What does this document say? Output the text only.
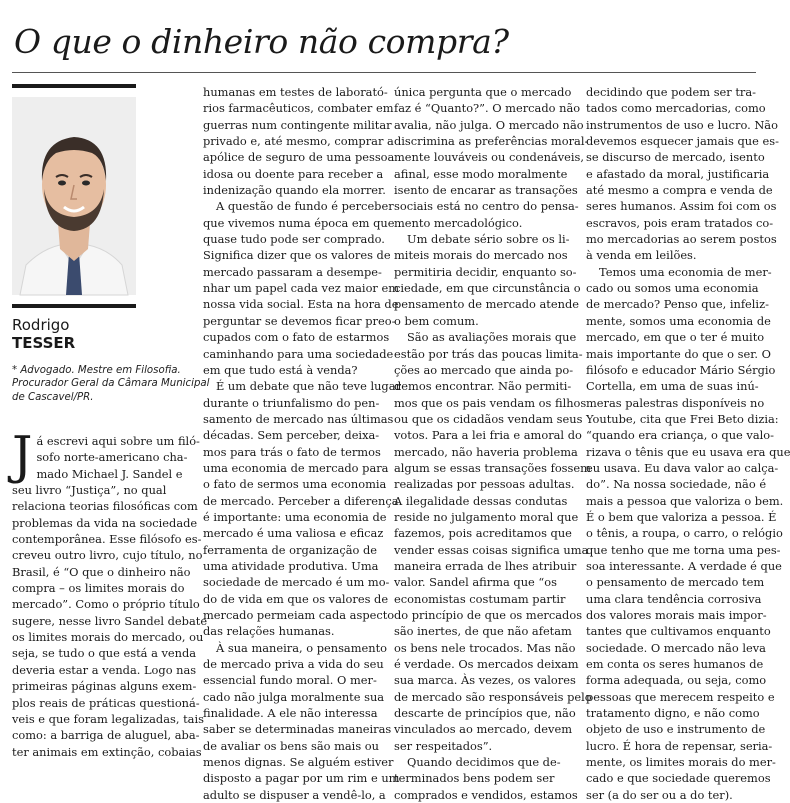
O que o dinheiro não compra?
Rodrigo
TESSER
* Advogado. Mestre em Filosofia.
Procurador Geral da Câmara Municipal
de Cascavel/PR.
J á escrevi aqui sobre um filó-
sofo norte-americano cha-
mado Michael J. Sandel e
seu livro “Justiça”, no qual
relaciona teorias filosóficas com
problemas da vida na sociedade
contemporânea. Esse filósofo es-
creveu outro livro, cujo título, no
Brasil, é “O que o dinheiro não
compra – os limites morais do
mercado”. Como o próprio título
sugere, nesse livro Sandel debate
os limites morais do mercado, ou
seja, se tudo o que está a venda
deveria estar a venda. Logo nas
primeiras páginas alguns exem-
plos reais de práticas questioná-
veis e que foram legalizadas, tais
como: a barriga de aluguel, aba-
ter animais em extinção, cobaias
humanas em testes de laborató-
rios farmacêuticos, combater em
guerras num contingente militar
privado e, até mesmo, comprar a
apólice de seguro de uma pessoa
idosa ou doente para receber a
indenização quando ela morrer.
A questão de fundo é perceber
que vivemos numa época em que
quase tudo pode ser comprado.
Significa dizer que os valores de
mercado passaram a desempe-
nhar um papel cada vez maior em
nossa vida social. Esta na hora de
perguntar se devemos ficar preo-
cupados com o fato de estarmos
caminhando para uma sociedade
em que tudo está à venda?
É um debate que não teve lugar
durante o triunfalismo do pen-
samento de mercado nas últimas
décadas. Sem perceber, deixa-
mos para trás o fato de termos
uma economia de mercado para
o fato de sermos uma economia
de mercado. Perceber a diferença
é importante: uma economia de
mercado é uma valiosa e eficaz
ferramenta de organização de
uma atividade produtiva. Uma
sociedade de mercado é um mo-
do de vida em que os valores de
mercado permeiam cada aspecto
das relações humanas.
À sua maneira, o pensamento
de mercado priva a vida do seu
essencial fundo moral. O mer-
cado não julga moralmente sua
finalidade. A ele não interessa
saber se determinadas maneiras
de avaliar os bens são mais ou
menos dignas. Se alguém estiver
disposto a pagar por um rim e um
adulto se dispuser a vendê-lo, a
única pergunta que o mercado
faz é “Quanto?”. O mercado não
avalia, não julga. O mercado não
discrimina as preferências moral-
mente louváveis ou condenáveis,
afinal, esse modo moralmente
isento de encarar as transações
sociais está no centro do pensa-
mento mercadológico.
Um debate sério sobre os li-
miteis morais do mercado nos
permitiria decidir, enquanto so-
ciedade, em que circunstância o
pensamento de mercado atende
o bem comum.
São as avaliações morais que
estão por trás das poucas limita-
ções ao mercado que ainda po-
demos encontrar. Não permiti-
mos que os pais vendam os filhos
ou que os cidadãos vendam seus
votos. Para a lei fria e amoral do
mercado, não haveria problema
algum se essas transações fossem
realizadas por pessoas adultas.
A ilegalidade dessas condutas
reside no julgamento moral que
fazemos, pois acreditamos que
vender essas coisas significa uma
maneira errada de lhes atribuir
valor. Sandel afirma que “os
economistas costumam partir
do princípio de que os mercados
são inertes, de que não afetam
os bens nele trocados. Mas não
é verdade. Os mercados deixam
sua marca. Às vezes, os valores
de mercado são responsáveis pelo
descarte de princípios que, não
vinculados ao mercado, devem
ser respeitados”.
Quando decidimos que de-
terminados bens podem ser
comprados e vendidos, estamos
decidindo que podem ser tra-
tados como mercadorias, como
instrumentos de uso e lucro. Não
devemos esquecer jamais que es-
se discurso de mercado, isento
e afastado da moral, justificaria
até mesmo a compra e venda de
seres humanos. Assim foi com os
escravos, pois eram tratados co-
mo mercadorias ao serem postos
à venda em leilões.
Temos uma economia de mer-
cado ou somos uma economia
de mercado? Penso que, infeliz-
mente, somos uma economia de
mercado, em que o ter é muito
mais importante do que o ser. O
filósofo e educador Mário Sérgio
Cortella, em uma de suas inú-
meras palestras disponíveis no
Youtube, cita que Frei Beto dizia:
“quando era criança, o que valo-
rizava o tênis que eu usava era que
eu usava. Eu dava valor ao calça-
do”. Na nossa sociedade, não é
mais a pessoa que valoriza o bem.
É o bem que valoriza a pessoa. É
o tênis, a roupa, o carro, o relógio
que tenho que me torna uma pes-
soa interessante. A verdade é que
o pensamento de mercado tem
uma clara tendência corrosiva
dos valores morais mais impor-
tantes que cultivamos enquanto
sociedade. O mercado não leva
em conta os seres humanos de
forma adequada, ou seja, como
pessoas que merecem respeito e
tratamento digno, e não como
objeto de uso e instrumento de
lucro. É hora de repensar, seria-
mente, os limites morais do mer-
cado e que sociedade queremos
ser (a do ser ou a do ter).
